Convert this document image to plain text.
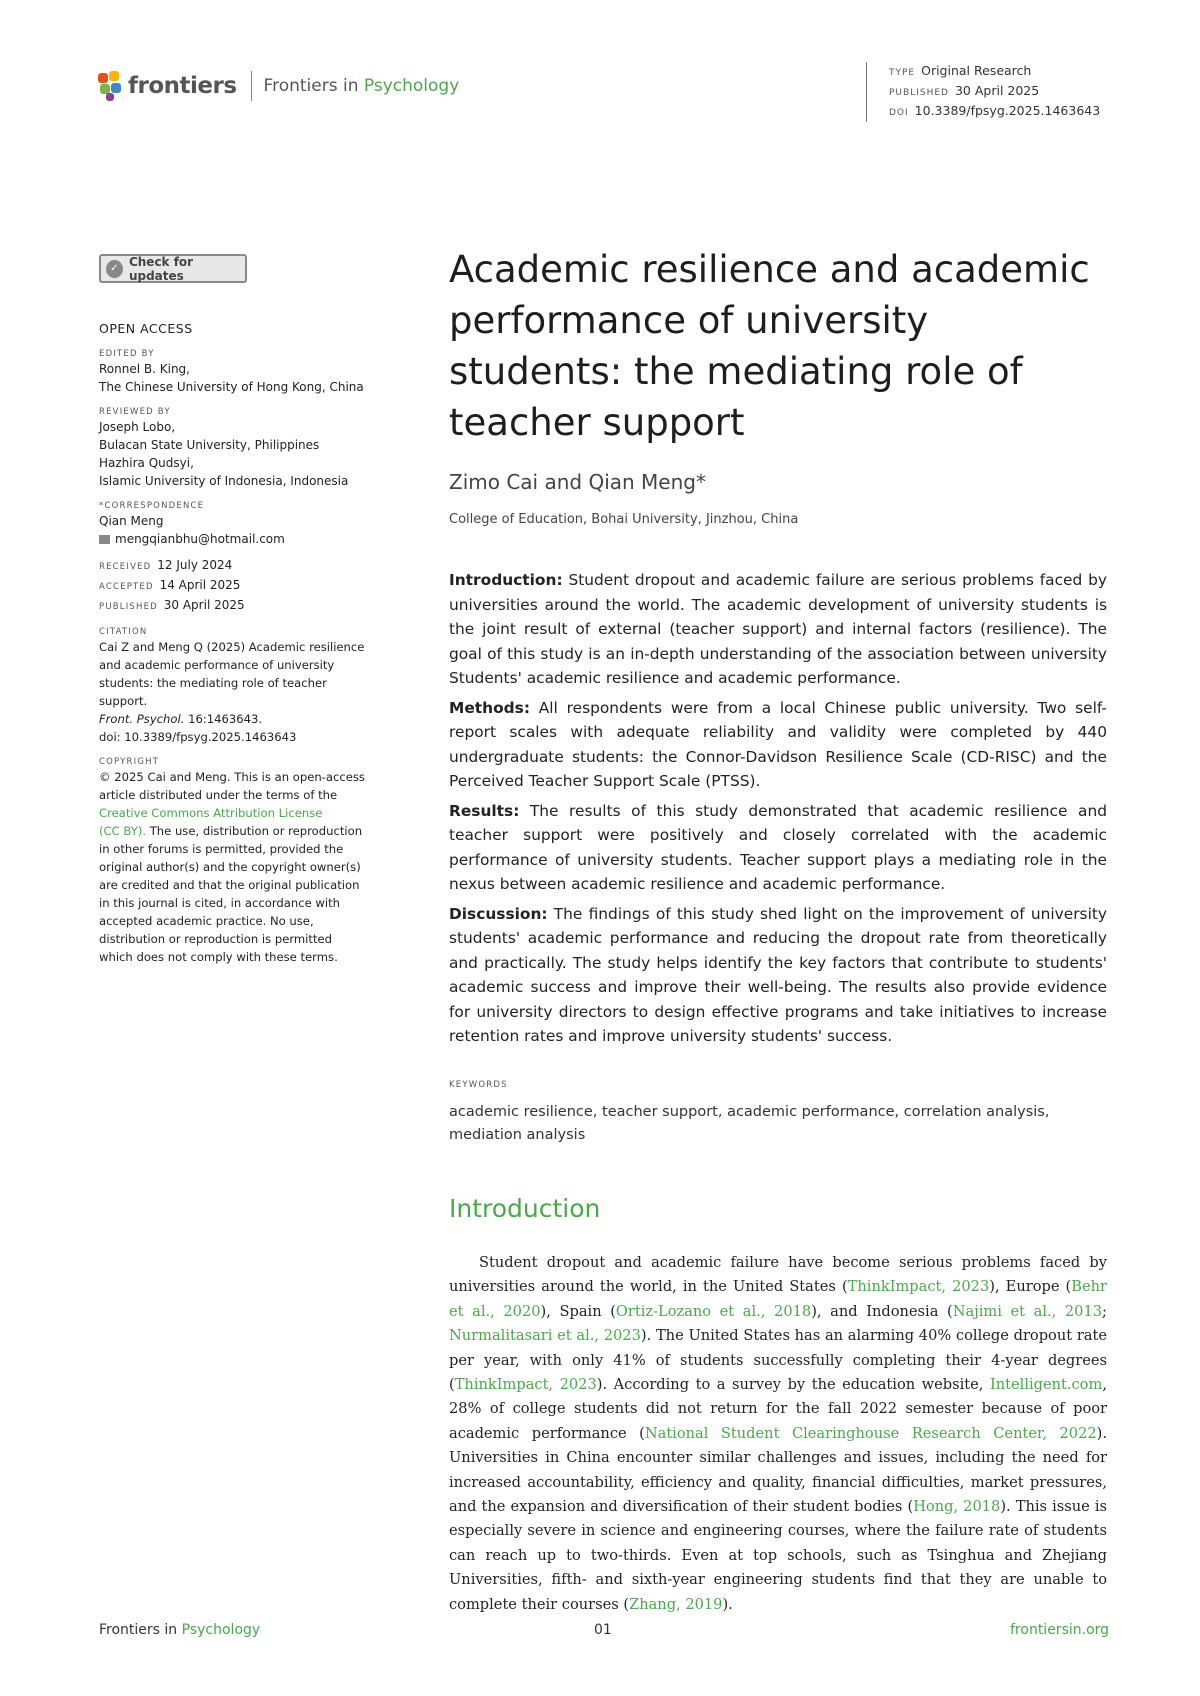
frontiers Frontiers in Psychology
TYPE Original Research
PUBLISHED 30 April 2025
DOI 10.3389/fpsyg.2025.1463643
✓ Check for updates
OPEN ACCESS
EDITED BY
Ronnel B. King,
The Chinese University of Hong Kong, China
REVIEWED BY
Joseph Lobo,
Bulacan State University, Philippines
Hazhira Qudsyi,
Islamic University of Indonesia, Indonesia
*CORRESPONDENCE
Qian Meng
mengqianbhu@hotmail.com
RECEIVED 12 July 2024
ACCEPTED 14 April 2025
PUBLISHED 30 April 2025
CITATION
Cai Z and Meng Q (2025) Academic resilience
and academic performance of university
students: the mediating role of teacher
support.
Front. Psychol. 16:1463643.
doi: 10.3389/fpsyg.2025.1463643
COPYRIGHT
© 2025 Cai and Meng. This is an open-access
article distributed under the terms of the
Creative Commons Attribution License
(CC BY). The use, distribution or reproduction
in other forums is permitted, provided the
original author(s) and the copyright owner(s)
are credited and that the original publication
in this journal is cited, in accordance with
accepted academic practice. No use,
distribution or reproduction is permitted
which does not comply with these terms.
Academic resilience and academic performance of university students: the mediating role of teacher support
Zimo Cai and Qian Meng*
College of Education, Bohai University, Jinzhou, China

Introduction: Student dropout and academic failure are serious problems faced by universities around the world. The academic development of university students is the joint result of external (teacher support) and internal factors (resilience). The goal of this study is an in-depth understanding of the association between university Students' academic resilience and academic performance.

Methods: All respondents were from a local Chinese public university. Two self-report scales with adequate reliability and validity were completed by 440 undergraduate students: the Connor-Davidson Resilience Scale (CD-RISC) and the Perceived Teacher Support Scale (PTSS).

Results: The results of this study demonstrated that academic resilience and teacher support were positively and closely correlated with the academic performance of university students. Teacher support plays a mediating role in the nexus between academic resilience and academic performance.

Discussion: The findings of this study shed light on the improvement of university students' academic performance and reducing the dropout rate from theoretically and practically. The study helps identify the key factors that contribute to students' academic success and improve their well-being. The results also provide evidence for university directors to design effective programs and take initiatives to increase retention rates and improve university students' success.

KEYWORDS
academic resilience, teacher support, academic performance, correlation analysis, mediation analysis
Introduction

Student dropout and academic failure have become serious problems faced by universities around the world, in the United States (ThinkImpact, 2023), Europe (Behr et al., 2020), Spain (Ortiz-Lozano et al., 2018), and Indonesia (Najimi et al., 2013; Nurmalitasari et al., 2023). The United States has an alarming 40% college dropout rate per year, with only 41% of students successfully completing their 4-year degrees (ThinkImpact, 2023). According to a survey by the education website, Intelligent.com, 28% of college students did not return for the fall 2022 semester because of poor academic performance (National Student Clearinghouse Research Center, 2022). Universities in China encounter similar challenges and issues, including the need for increased accountability, efficiency and quality, financial difficulties, market pressures, and the expansion and diversification of their student bodies (Hong, 2018). This issue is especially severe in science and engineering courses, where the failure rate of students can reach up to two-thirds. Even at top schools, such as Tsinghua and Zhejiang Universities, fifth- and sixth-year engineering students find that they are unable to complete their courses (Zhang, 2019).

Frontiers in Psychology	01	frontiersin.org
